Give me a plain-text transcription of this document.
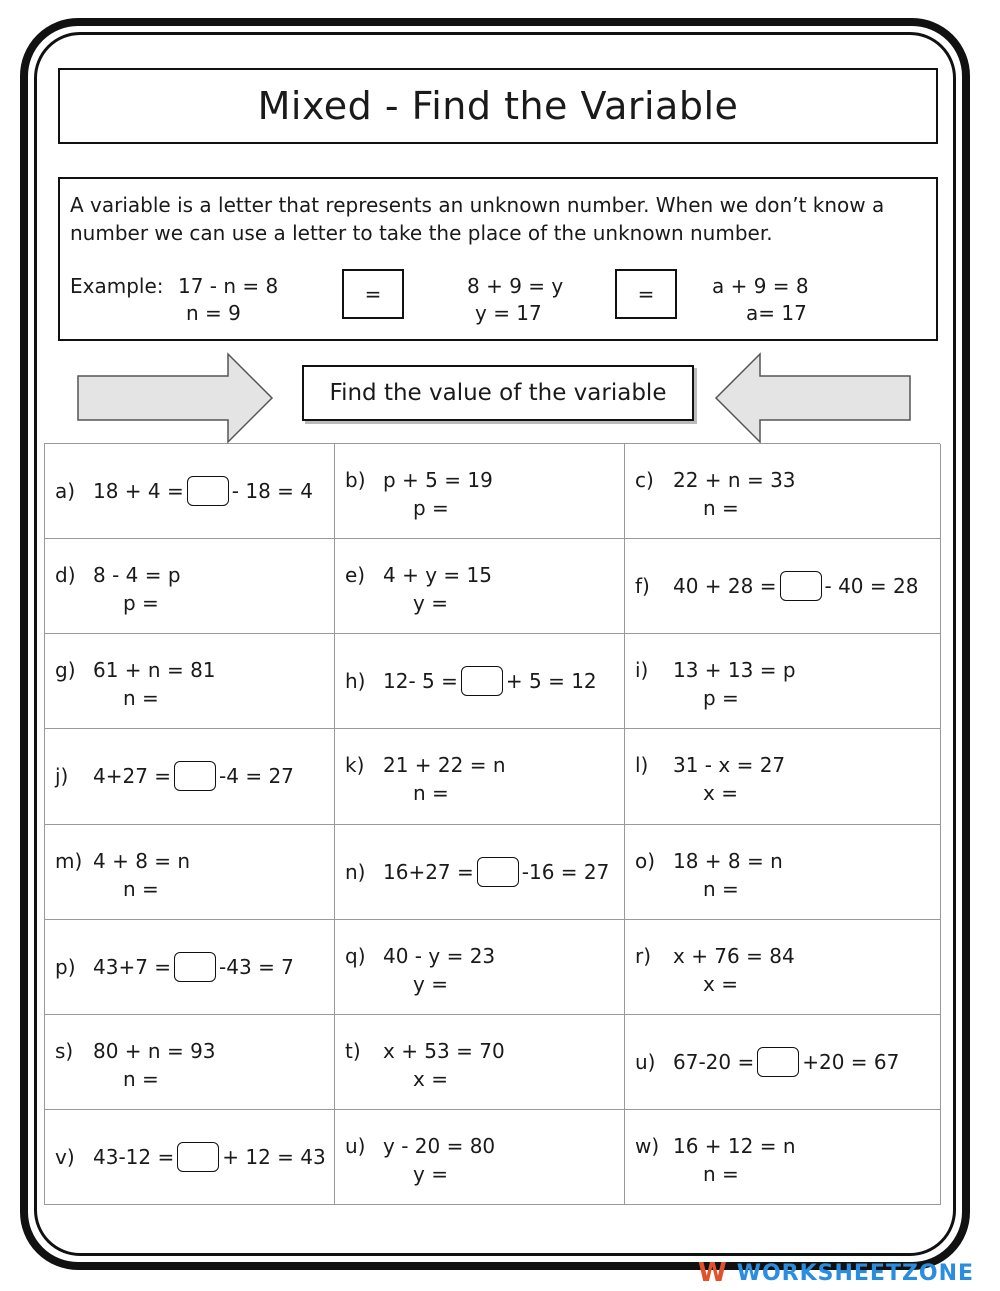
Mixed - Find the Variable
A variable is a letter that represents an unknown number. When we don’t know a number we can use a letter to take the place of the unknown number.
Example: 17 - n = 8
n = 9
=	8 + 9 = y
y = 17
=	a + 9 = 8
a= 17
Find the value of the variable
a) 18 + 4 = - 18 = 4 b) p + 5 = 19
p =
c) 22 + n = 33
n =
d) 8 - 4 = p
p =
e) 4 + y = 15
y =
f)	40 + 28 = - 40 = 28
g) 61 + n = 81
n =
h) 12- 5 = + 5 = 12 i) 13 + 13 = p
p =
j)	4+27 = -4 = 27	k) 21 + 22 = n
n =
l) 31 - x = 27
x =
m) 4 + 8 = n
n =
n) 16+27 = -16 = 27 o) 18 + 8 = n
n =
p) 43+7 = -43 = 7	q) 40 - y = 23
y =
r) x + 76 = 84
x =
s) 80 + n = 93
n =
t) x + 53 = 70
x =
u) 67-20 = +20 = 67
v) 43-12 = + 12 = 43 u) y - 20 = 80
y =
w) 16 + 12 = n
n =
W WORKSHEETZONE
